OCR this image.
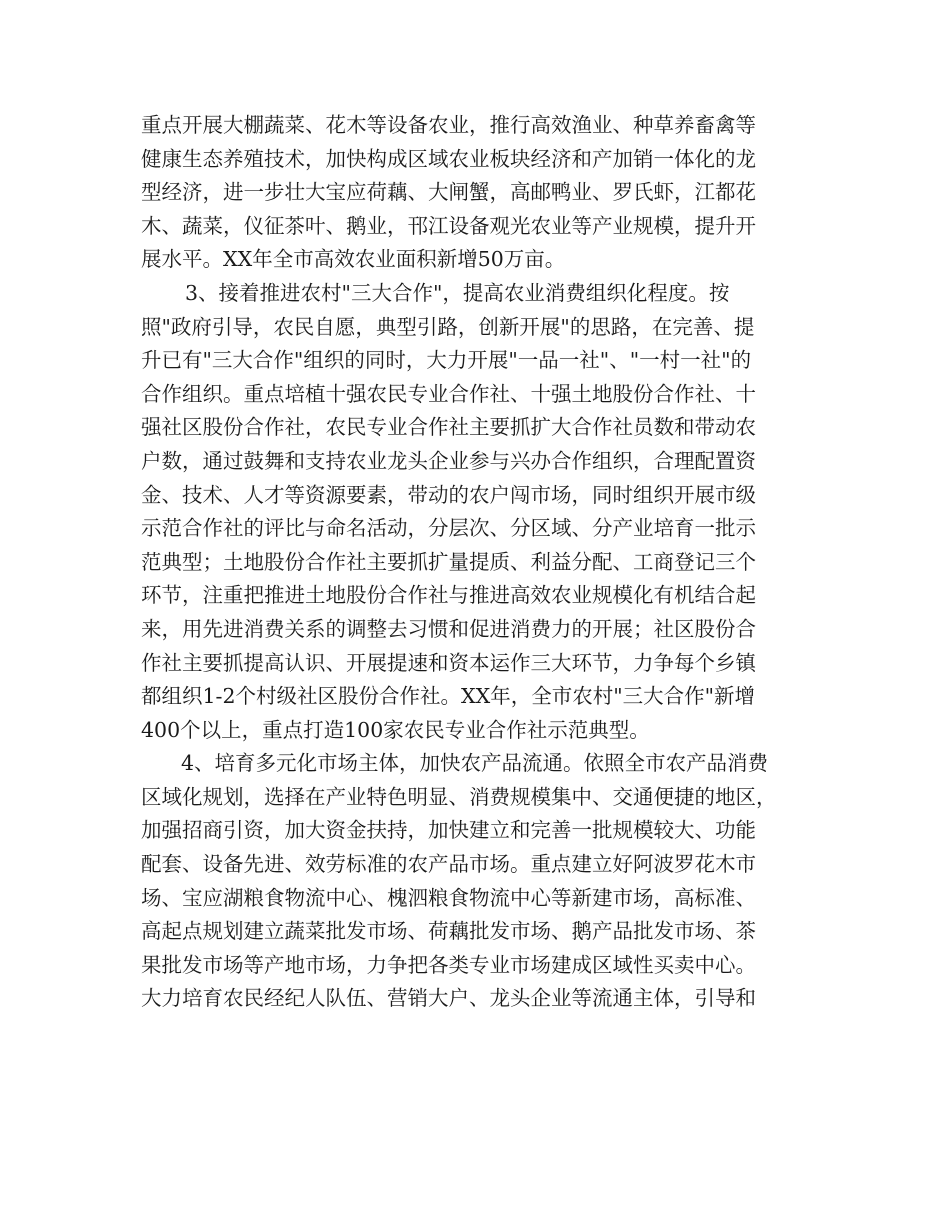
重点开展大棚蔬菜、花木等设备农业，推行高效渔业、种草养畜禽等
健康生态养殖技术，加快构成区域农业板块经济和产加销一体化的龙
型经济，进一步壮大宝应荷藕、大闸蟹，高邮鸭业、罗氏虾，江都花
木、蔬菜，仪征茶叶、鹅业，邗江设备观光农业等产业规模，提升开
展水平。XX年全市高效农业面积新增50万亩。
3、接着推进农村"三大合作"，提高农业消费组织化程度。按
照"政府引导，农民自愿，典型引路，创新开展"的思路，在完善、提
升已有"三大合作"组织的同时，大力开展"一品一社"、"一村一社"的
合作组织。重点培植十强农民专业合作社、十强土地股份合作社、十
强社区股份合作社，农民专业合作社主要抓扩大合作社员数和带动农
户数，通过鼓舞和支持农业龙头企业参与兴办合作组织，合理配置资
金、技术、人才等资源要素，带动的农户闯市场，同时组织开展市级
示范合作社的评比与命名活动，分层次、分区域、分产业培育一批示
范典型；土地股份合作社主要抓扩量提质、利益分配、工商登记三个
环节，注重把推进土地股份合作社与推进高效农业规模化有机结合起
来，用先进消费关系的调整去习惯和促进消费力的开展；社区股份合
作社主要抓提高认识、开展提速和资本运作三大环节，力争每个乡镇
都组织1-2个村级社区股份合作社。XX年，全市农村"三大合作"新增
400个以上，重点打造100家农民专业合作社示范典型。
4、培育多元化市场主体，加快农产品流通。依照全市农产品消费
区域化规划，选择在产业特色明显、消费规模集中、交通便捷的地区，
加强招商引资，加大资金扶持，加快建立和完善一批规模较大、功能
配套、设备先进、效劳标准的农产品市场。重点建立好阿波罗花木市
场、宝应湖粮食物流中心、槐泗粮食物流中心等新建市场，高标准、
高起点规划建立蔬菜批发市场、荷藕批发市场、鹅产品批发市场、茶
果批发市场等产地市场，力争把各类专业市场建成区域性买卖中心。
大力培育农民经纪人队伍、营销大户、龙头企业等流通主体，引导和
